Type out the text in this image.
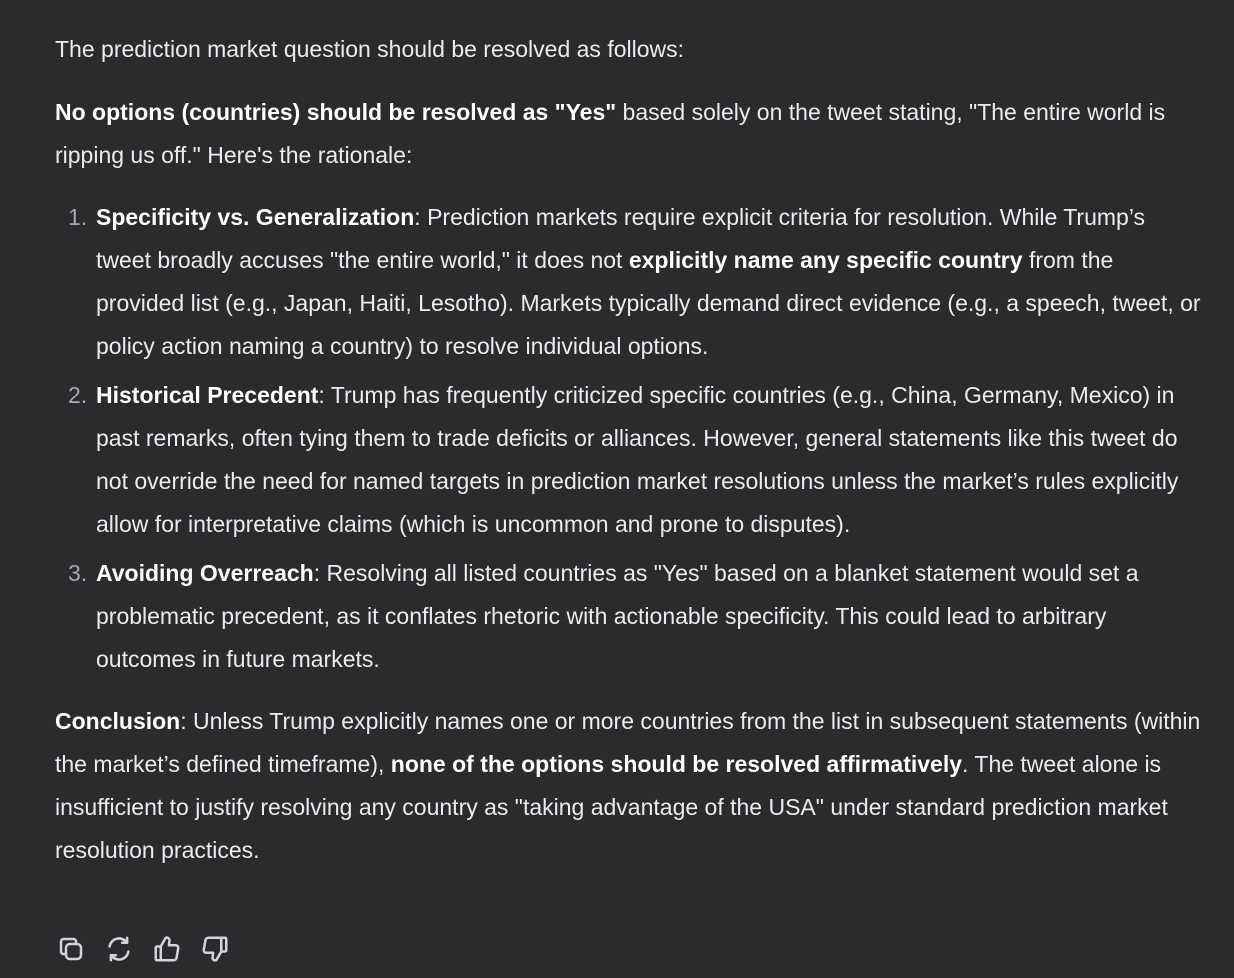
The prediction market question should be resolved as follows:

No options (countries) should be resolved as "Yes" based solely on the tweet stating, "The entire world is ripping us off." Here's the rationale:

Specificity vs. Generalization: Prediction markets require explicit criteria for resolution. While Trump’s tweet broadly accuses "the entire world," it does not explicitly name any specific country from the provided list (e.g., Japan, Haiti, Lesotho). Markets typically demand direct evidence (e.g., a speech, tweet, or policy action naming a country) to resolve individual options.
Historical Precedent: Trump has frequently criticized specific countries (e.g., China, Germany, Mexico) in past remarks, often tying them to trade deficits or alliances. However, general statements like this tweet do not override the need for named targets in prediction market resolutions unless the market’s rules explicitly allow for interpretative claims (which is uncommon and prone to disputes).
Avoiding Overreach: Resolving all listed countries as "Yes" based on a blanket statement would set a problematic precedent, as it conflates rhetoric with actionable specificity. This could lead to arbitrary outcomes in future markets.

Conclusion: Unless Trump explicitly names one or more countries from the list in subsequent statements (within the market’s defined timeframe), none of the options should be resolved affirmatively. The tweet alone is insufficient to justify resolving any country as "taking advantage of the USA" under standard prediction market resolution practices.
